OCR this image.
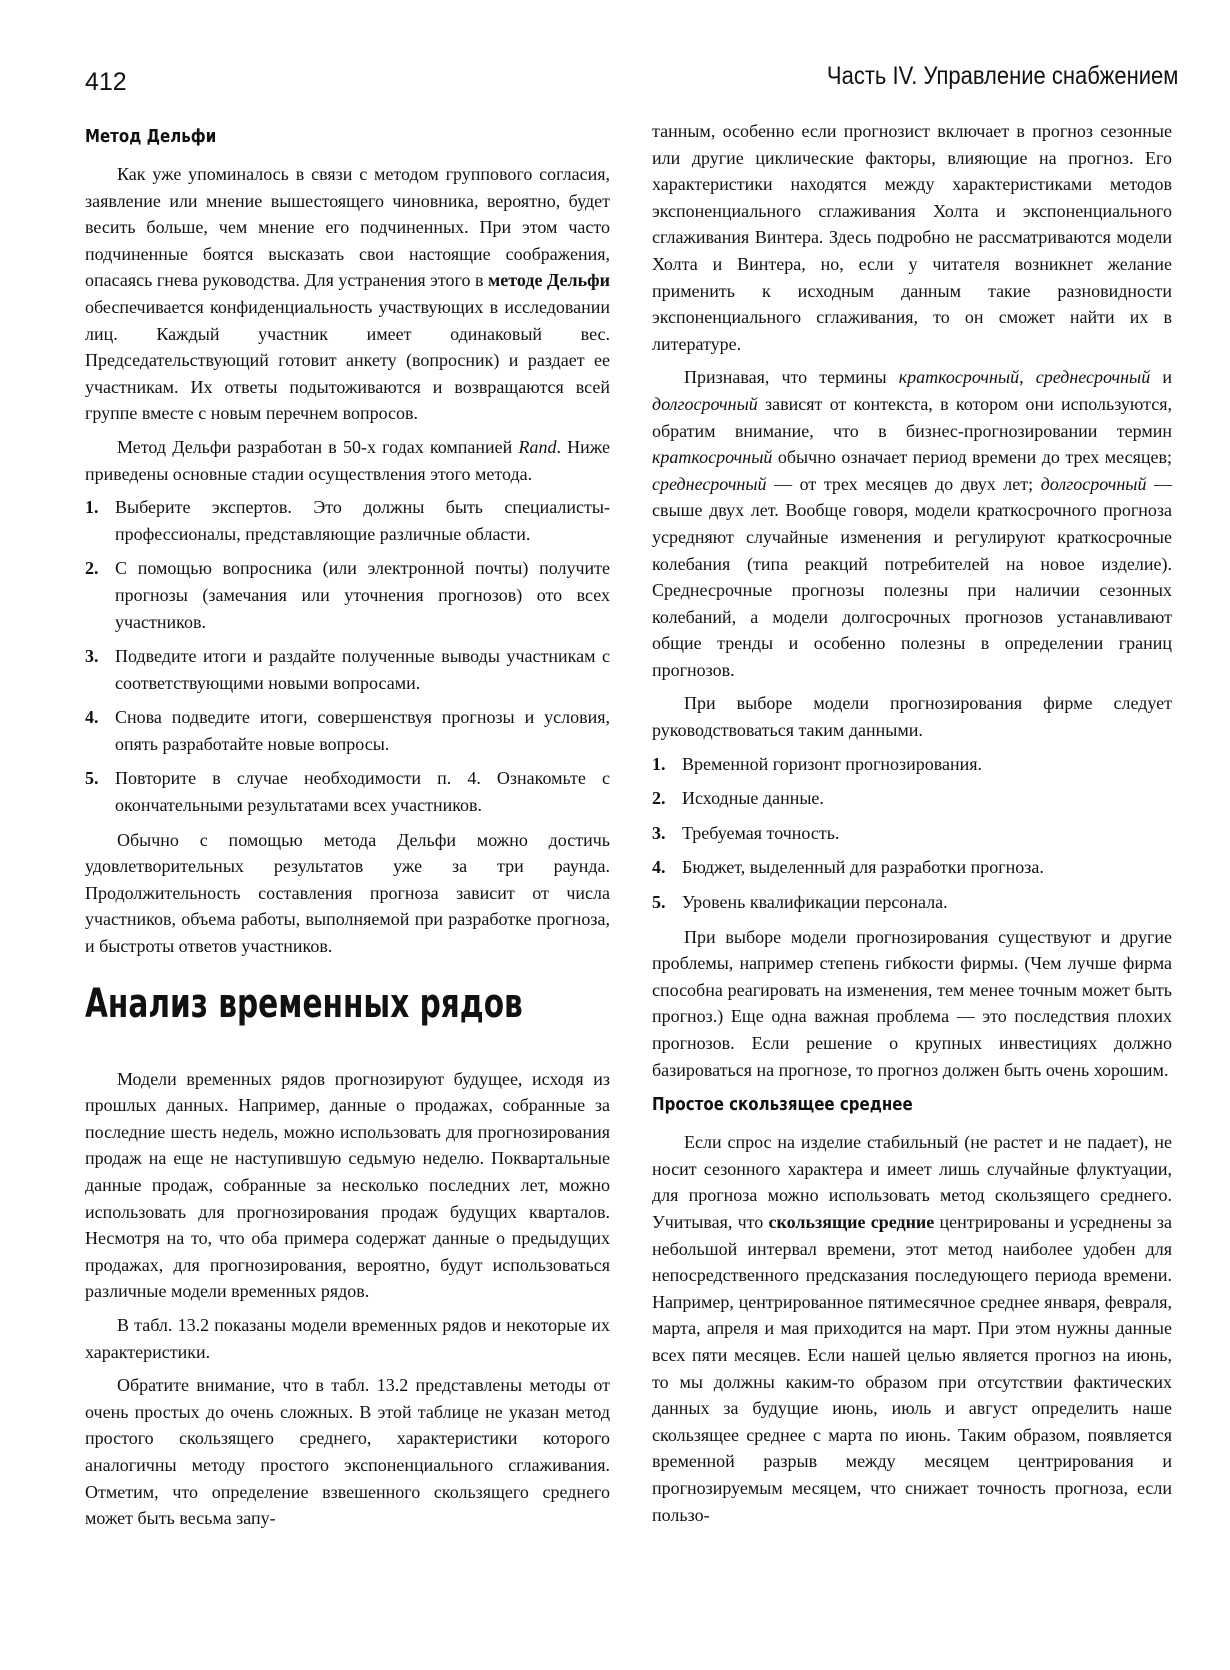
412	Часть IV. Управление снабжением
Метод Дельфи

Как уже упоминалось в связи с методом группового согласия, заявление или мнение вышестоящего чиновника, вероятно, будет весить больше, чем мнение его подчиненных. При этом часто подчиненные боятся высказать свои настоящие соображения, опасаясь гнева руководства. Для устранения этого в методе Дельфи обеспечивается конфиденциальность участвующих в исследовании лиц. Каждый участник имеет одинаковый вес. Председательствующий готовит анкету (вопросник) и раздает ее участникам. Их ответы подытоживаются и возвращаются всей группе вместе с новым перечнем вопросов.

Метод Дельфи разработан в 50-х годах компанией Rand. Ниже приведены основные стадии осуществления этого метода.

1. Выберите экспертов. Это должны быть специалисты-профессионалы, представляющие различные области.
2. С помощью вопросника (или электронной почты) получите прогнозы (замечания или уточнения прогнозов) ото всех участников.
3. Подведите итоги и раздайте полученные выводы участникам с соответствующими новыми вопросами.
4. Снова подведите итоги, совершенствуя прогнозы и условия, опять разработайте новые вопросы.
5. Повторите в случае необходимости п. 4. Ознакомьте с окончательными результатами всех участников.

Обычно с помощью метода Дельфи можно достичь удовлетворительных результатов уже за три раунда. Продолжительность составления прогноза зависит от числа участников, объема работы, выполняемой при разработке прогноза, и быстроты ответов участников.

Анализ временных рядов

Модели временных рядов прогнозируют будущее, исходя из прошлых данных. Например, данные о продажах, собранные за последние шесть недель, можно использовать для прогнозирования продаж на еще не наступившую седьмую неделю. Поквартальные данные продаж, собранные за несколько последних лет, можно использовать для прогнозирования продаж будущих кварталов. Несмотря на то, что оба примера содержат данные о предыдущих продажах, для прогнозирования, вероятно, будут использоваться различные модели временных рядов.

В табл. 13.2 показаны модели временных рядов и некоторые их характеристики.

Обратите внимание, что в табл. 13.2 представлены методы от очень простых до очень сложных. В этой таблице не указан метод простого скользящего среднего, характеристики которого аналогичны методу простого экспоненциального сглаживания. Отметим, что определение взвешенного скользящего среднего может быть весьма запу-

танным, особенно если прогнозист включает в прогноз сезонные или другие циклические факторы, влияющие на прогноз. Его характеристики находятся между характеристиками методов экспоненциального сглаживания Холта и экспоненциального сглаживания Винтера. Здесь подробно не рассматриваются модели Холта и Винтера, но, если у читателя возникнет желание применить к исходным данным такие разновидности экспоненциального сглаживания, то он сможет найти их в литературе.

Признавая, что термины краткосрочный, среднесрочный и долгосрочный зависят от контекста, в котором они используются, обратим внимание, что в бизнес-прогнозировании термин краткосрочный обычно означает период времени до трех месяцев; среднесрочный — от трех месяцев до двух лет; долгосрочный — свыше двух лет. Вообще говоря, модели краткосрочного прогноза усредняют случайные изменения и регулируют краткосрочные колебания (типа реакций потребителей на новое изделие). Среднесрочные прогнозы полезны при наличии сезонных колебаний, а модели долгосрочных прогнозов устанавливают общие тренды и особенно полезны в определении границ прогнозов.

При выборе модели прогнозирования фирме следует руководствоваться таким данными.

1. Временной горизонт прогнозирования.
2. Исходные данные.
3. Требуемая точность.
4. Бюджет, выделенный для разработки прогноза.
5. Уровень квалификации персонала.

При выборе модели прогнозирования существуют и другие проблемы, например степень гибкости фирмы. (Чем лучше фирма способна реагировать на изменения, тем менее точным может быть прогноз.) Еще одна важная проблема — это последствия плохих прогнозов. Если решение о крупных инвестициях должно базироваться на прогнозе, то прогноз должен быть очень хорошим.

Простое скользящее среднее

Если спрос на изделие стабильный (не растет и не падает), не носит сезонного характера и имеет лишь случайные флуктуации, для прогноза можно использовать метод скользящего среднего. Учитывая, что скользящие средние центрированы и усреднены за небольшой интервал времени, этот метод наиболее удобен для непосредственного предсказания последующего периода времени. Например, центрированное пятимесячное среднее января, февраля, марта, апреля и мая приходится на март. При этом нужны данные всех пяти месяцев. Если нашей целью является прогноз на июнь, то мы должны каким-то образом при отсутствии фактических данных за будущие июнь, июль и август определить наше скользящее среднее с марта по июнь. Таким образом, появляется временной разрыв между месяцем центрирования и прогнозируемым месяцем, что снижает точность прогноза, если пользо-
